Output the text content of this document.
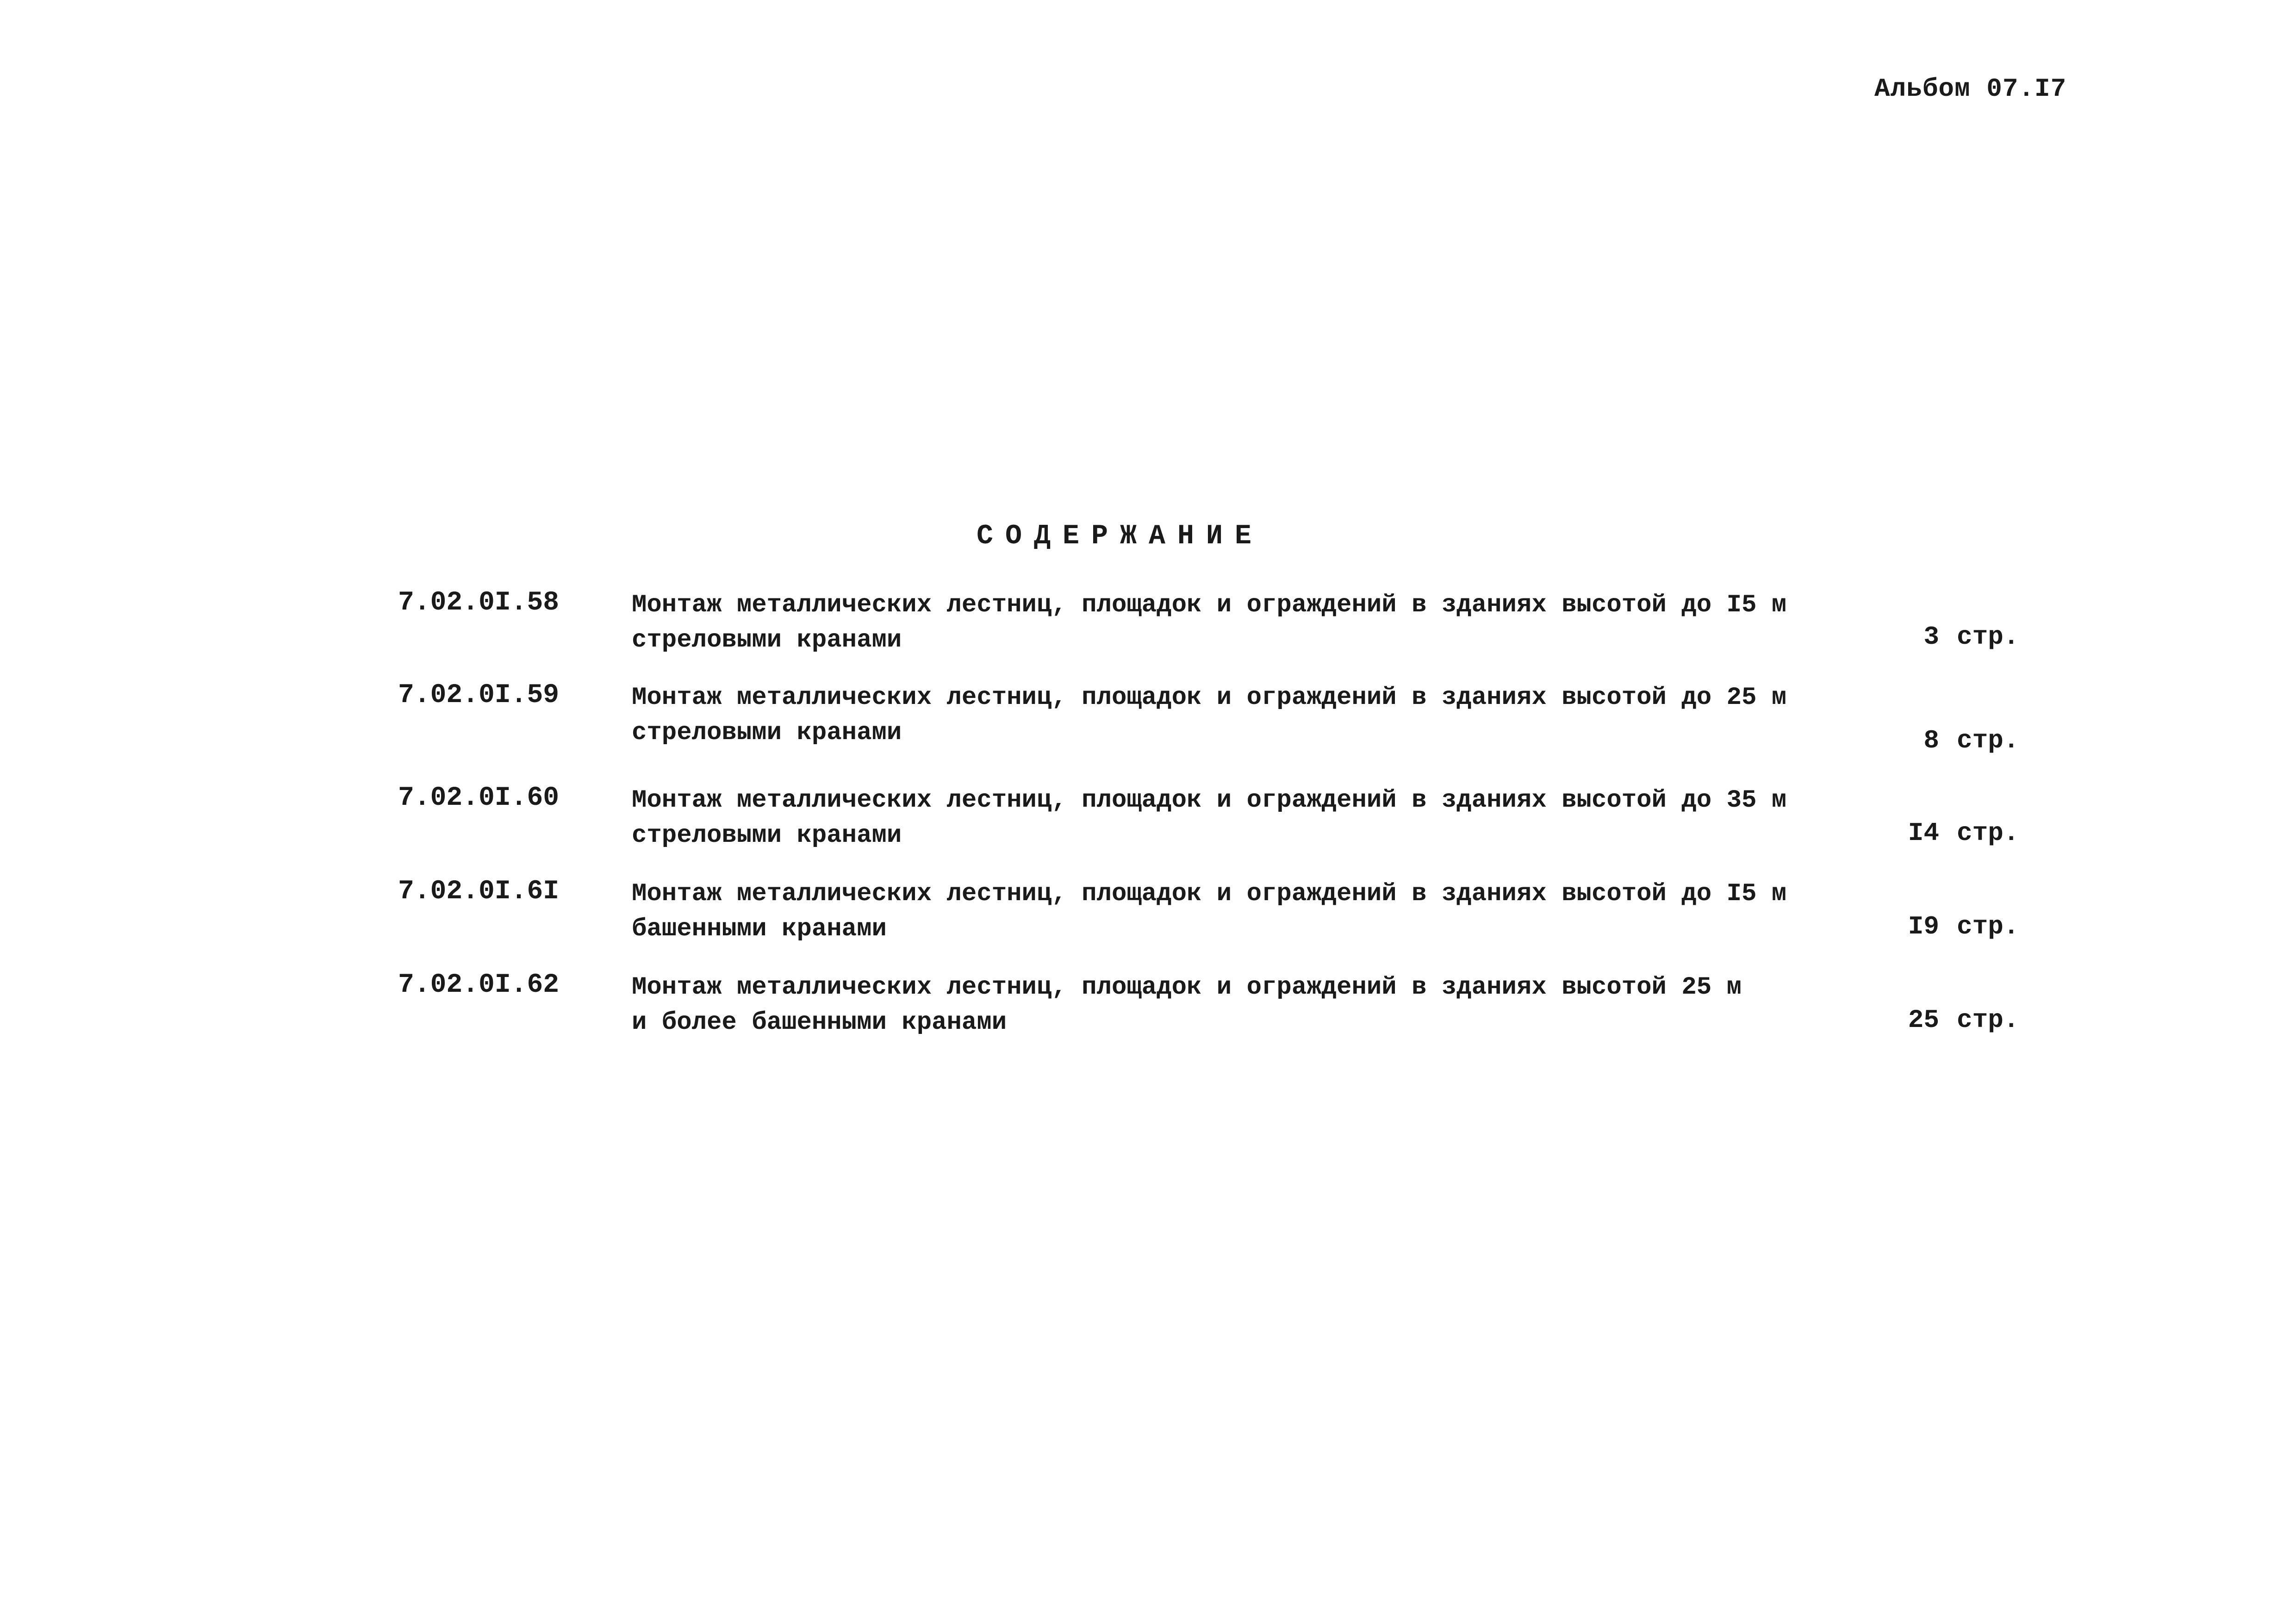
Альбом 07.I7
СОДЕРЖАНИЕ
7.02.0I.58	Монтаж металлических лестниц, площадок и ограждений в зданиях высотой до I5 м
стреловыми кранами	3 стр.
7.02.0I.59	Монтаж металлических лестниц, площадок и ограждений в зданиях высотой до 25 м
стреловыми кранами	8 стр.
7.02.0I.60	Монтаж металлических лестниц, площадок и ограждений в зданиях высотой до 35 м
стреловыми кранами	I4 стр.
7.02.0I.6I	Монтаж металлических лестниц, площадок и ограждений в зданиях высотой до I5 м
башенными кранами	I9 стр.
7.02.0I.62	Монтаж металлических лестниц, площадок и ограждений в зданиях высотой 25 м
и более башенными кранами	25 стр.
